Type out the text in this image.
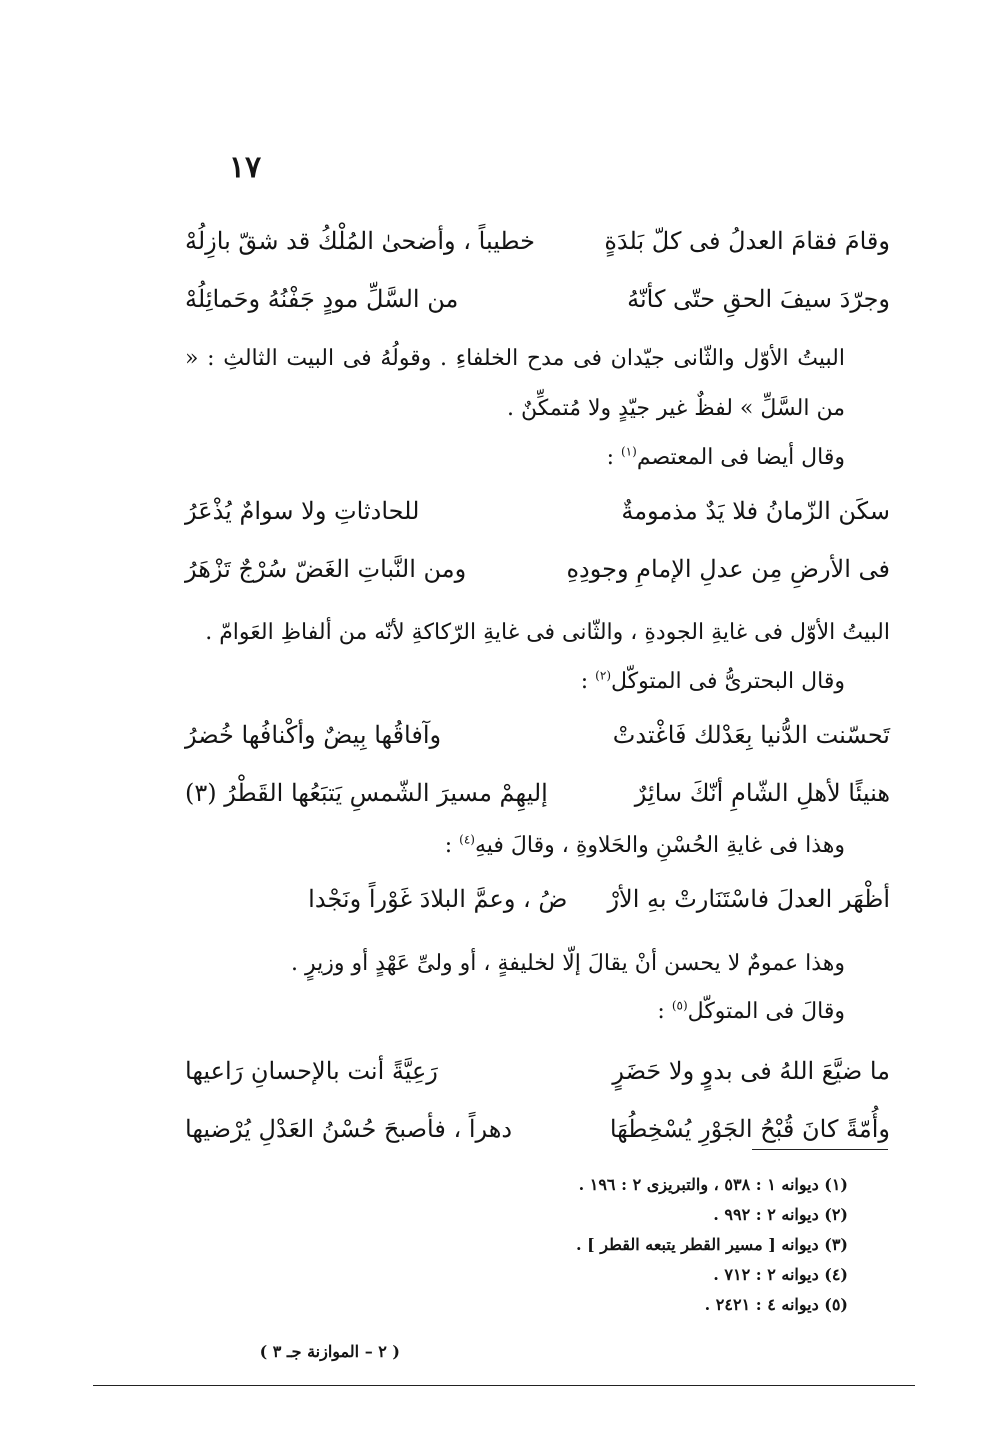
١٧
وقامَ فقامَ العدلُ فى كلّ بَلدَةٍ
خطيباً ، وأضحىٰ المُلْكُ قد شقّ بازِلُهْ
وجرّدَ سيفَ الحقِ حتّى كأنّهُ
من السَّلِّ مودٍ جَفْنُهُ وحَمائِلُهْ

البيتُ الأوّل والثّانى جيّدان فى مدح الخلفاءِ . وقولُهُ فى البيت الثالثِ : « من السَّلِّ » لفظٌ غير جيّدٍ ولا مُتمكِّنٌ .

وقال أيضا فى المعتصم$^{(١)}$ :

سكَن الزّمانُ فلا يَدٌ مذمومةٌ
للحادثاتِ ولا سوامٌ يُذْعَرُ
فى الأرضِ مِن عدلِ الإمامِ وجودِهِ
ومن النَّباتِ الغَضّ سُرْجٌ تَزْهَرُ

البيتُ الأوّل فى غايةِ الجودةِ ، والثّانى فى غايةِ الرّكاكةِ لأنّه من ألفاظِ العَوامّ .

وقال البحترىُّ فى المتوكّل$^{(٢)}$ :

تَحسّنت الدُّنيا بِعَدْلك فَاغْتدتْ
وآفاقُها بِيضٌ وأكْنافُها خُضرُ
هنيئًا لأهلِ الشّامِ أنّكَ سائِرٌ
إليهِمْ مسيرَ الشّمسِ يَتبَعُها القَطْرُ (٣)

وهذا فى غايةِ الحُسْنِ والحَلاوةِ ، وقالَ فيهِ$^{(٤)}$ :

أظْهَر العدلَ فاسْتَنَارتْ بهِ الأرْ
ضُ ، وعمَّ البلادَ غَوْراً ونَجْدا

وهذا عمومٌ لا يحسن أنْ يقالَ إلّا لخليفةٍ ، أو ولىِّ عَهْدٍ أو وزيرٍ .

وقالَ فى المتوكّل$^{(٥)}$ :

ما ضيَّعَ اللهُ فى بدوٍ ولا حَضَرٍ
رَعِيَّةً أنت بالإحسانِ رَاعيها
وأُمّةً كانَ قُبْحُ الجَوْرِ يُسْخِطُهَا
دهراً ، فأصبحَ حُسْنُ العَدْلِ يُرْضيها
(١) ديوانه ١ : ٥٣٨ ، والتبريزى ٢ : ١٩٦ .
(٢) ديوانه ٢ : ٩٩٢ .
(٣) ديوانه [ مسير القطر يتبعه القطر ] .
(٤) ديوانه ٢ : ٧١٢ .
(٥) ديوانه ٤ : ٢٤٢١ .
( ٢ – الموازنة جـ ٣ )
